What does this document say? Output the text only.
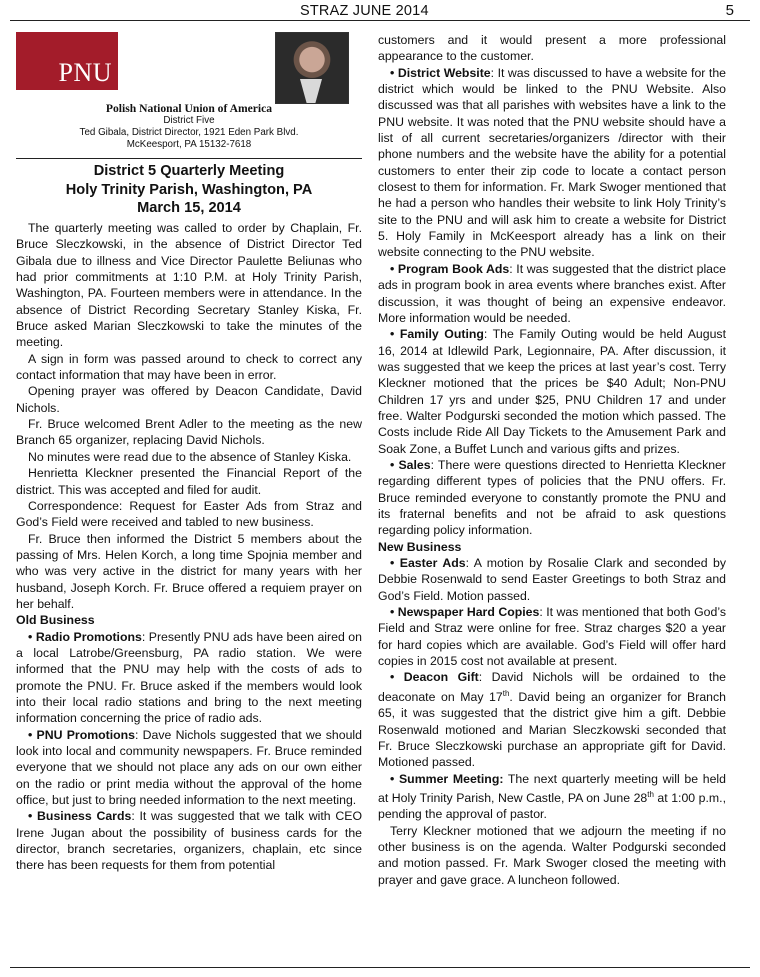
STRAZ JUNE 2014	5
PNU
Polish National Union of America
District Five
Ted Gibala, District Director, 1921 Eden Park Blvd.
McKeesport, PA 15132-7618
District 5 Quarterly Meeting
Holy Trinity Parish, Washington, PA
March 15, 2014

The quarterly meeting was called to order by Chaplain, Fr. Bruce Sleczkowski, in the absence of District Director Ted Gibala due to illness and Vice Director Paulette Beliunas who had prior commitments at 1:10 P.M. at Holy Trinity Parish, Washington, PA. Fourteen members were in attendance. In the absence of District Recording Secretary Stanley Kiska, Fr. Bruce asked Marian Sleczkowski to take the minutes of the meeting.

A sign in form was passed around to check to correct any contact information that may have been in error.

Opening prayer was offered by Deacon Candidate, David Nichols.

Fr. Bruce welcomed Brent Adler to the meeting as the new Branch 65 organizer, replacing David Nichols.

No minutes were read due to the absence of Stanley Kiska.

Henrietta Kleckner presented the Financial Report of the district. This was accepted and filed for audit.

Correspondence: Request for Easter Ads from Straz and God’s Field were received and tabled to new business.

Fr. Bruce then informed the District 5 members about the passing of Mrs. Helen Korch, a long time Spojnia member and who was very active in the district for many years with her husband, Joseph Korch. Fr. Bruce offered a requiem prayer on her behalf.

Old Business

• Radio Promotions: Presently PNU ads have been aired on a local Latrobe/Greensburg, PA radio station. We were informed that the PNU may help with the costs of ads to promote the PNU. Fr. Bruce asked if the members would look into their local radio stations and bring to the next meeting information concerning the price of radio ads.

• PNU Promotions: Dave Nichols suggested that we should look into local and community newspapers. Fr. Bruce reminded everyone that we should not place any ads on our own either on the radio or print media without the approval of the home office, but just to bring needed information to the next meeting.

• Business Cards: It was suggested that we talk with CEO Irene Jugan about the possibility of business cards for the director, branch secretaries, organizers, chaplain, etc since there has been requests for them from potential

customers and it would present a more professional appearance to the customer.

• District Website: It was discussed to have a website for the district which would be linked to the PNU Website. Also discussed was that all parishes with websites have a link to the PNU website. It was noted that the PNU website should have a list of all current secretaries/organizers /director with their phone numbers and the website have the ability for a potential customers to enter their zip code to locate a contact person closest to them for information. Fr. Mark Swoger mentioned that he had a person who handles their website to link Holy Trinity’s site to the PNU and will ask him to create a website for District 5. Holy Family in McKeesport already has a link on their website connecting to the PNU website.

• Program Book Ads: It was suggested that the district place ads in program book in area events where branches exist. After discussion, it was thought of being an expensive endeavor. More information would be needed.

• Family Outing: The Family Outing would be held August 16, 2014 at Idlewild Park, Legionnaire, PA. After discussion, it was suggested that we keep the prices at last year’s cost. Terry Kleckner motioned that the prices be $40 Adult; Non-PNU Children 17 yrs and under $25, PNU Children 17 and under free. Walter Podgurski seconded the motion which passed. The Costs include Ride All Day Tickets to the Amusement Park and Soak Zone, a Buffet Lunch and various gifts and prizes.

• Sales: There were questions directed to Henrietta Kleckner regarding different types of policies that the PNU offers. Fr. Bruce reminded everyone to constantly promote the PNU and its fraternal benefits and not be afraid to ask questions regarding policy information.

New Business

• Easter Ads: A motion by Rosalie Clark and seconded by Debbie Rosenwald to send Easter Greetings to both Straz and God’s Field. Motion passed.

• Newspaper Hard Copies: It was mentioned that both God’s Field and Straz were online for free. Straz charges $20 a year for hard copies which are available. God’s Field will offer hard copies in 2015 cost not available at present.

• Deacon Gift: David Nichols will be ordained to the deaconate on May 17th. David being an organizer for Branch 65, it was suggested that the district give him a gift. Debbie Rosenwald motioned and Marian Sleczkowski seconded that Fr. Bruce Sleczkowski purchase an appropriate gift for David. Motioned passed.

• Summer Meeting: The next quarterly meeting will be held at Holy Trinity Parish, New Castle, PA on June 28th at 1:00 p.m., pending the approval of pastor.

Terry Kleckner motioned that we adjourn the meeting if no other business is on the agenda. Walter Podgurski seconded and motion passed. Fr. Mark Swoger closed the meeting with prayer and gave grace. A luncheon followed.
